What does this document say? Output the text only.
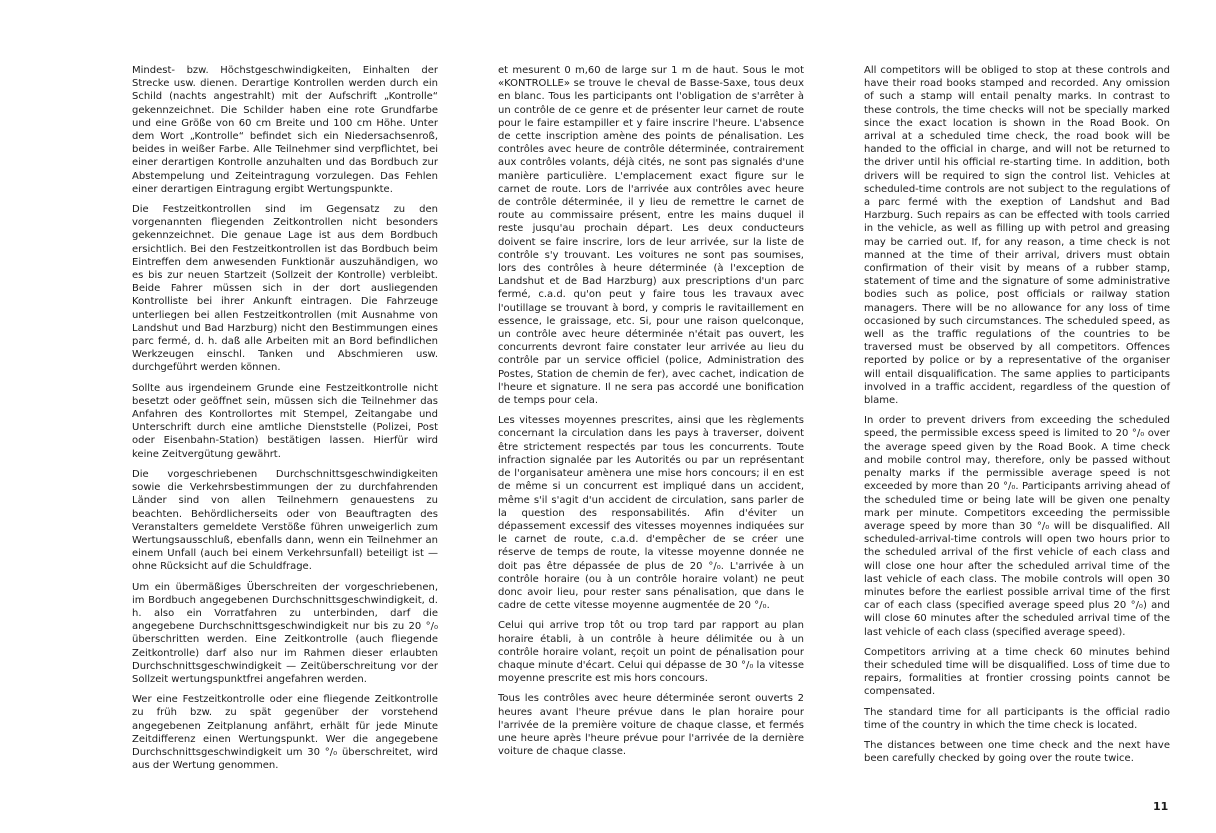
Mindest- bzw. Höchstgeschwindigkeiten, Einhalten der Strecke usw. dienen. Derartige Kontrollen werden durch ein Schild (nachts angestrahlt) mit der Aufschrift „Kontrolle“ gekennzeichnet. Die Schilder haben eine rote Grundfarbe und eine Größe von 60 cm Breite und 100 cm Höhe. Unter dem Wort „Kontrolle“ befindet sich ein Niedersachsenroß, beides in weißer Farbe. Alle Teilnehmer sind verpflichtet, bei einer derartigen Kontrolle anzuhalten und das Bordbuch zur Abstempelung und Zeiteintragung vorzulegen. Das Fehlen einer derartigen Eintragung ergibt Wertungspunkte.

Die Festzeitkontrollen sind im Gegensatz zu den vorgenannten fliegenden Zeitkontrollen nicht besonders gekennzeichnet. Die genaue Lage ist aus dem Bordbuch ersichtlich. Bei den Festzeitkontrollen ist das Bordbuch beim Eintreffen dem anwesenden Funktionär auszuhändigen, wo es bis zur neuen Startzeit (Sollzeit der Kontrolle) verbleibt. Beide Fahrer müssen sich in der dort ausliegenden Kontrolliste bei ihrer Ankunft eintragen. Die Fahrzeuge unterliegen bei allen Festzeitkontrollen (mit Ausnahme von Landshut und Bad Harzburg) nicht den Bestimmungen eines parc fermé, d. h. daß alle Arbeiten mit an Bord befindlichen Werkzeugen einschl. Tanken und Abschmieren usw. durchgeführt werden können.

Sollte aus irgendeinem Grunde eine Festzeitkontrolle nicht besetzt oder geöffnet sein, müssen sich die Teilnehmer das Anfahren des Kontrollortes mit Stempel, Zeitangabe und Unterschrift durch eine amtliche Dienststelle (Polizei, Post oder Eisenbahn-Station) bestätigen lassen. Hierfür wird keine Zeitvergütung gewährt.

Die vorgeschriebenen Durchschnittsgeschwindigkeiten sowie die Verkehrsbestimmungen der zu durchfahrenden Länder sind von allen Teilnehmern genauestens zu beachten. Behördlicherseits oder von Beauftragten des Veranstalters gemeldete Verstöße führen unweigerlich zum Wertungsausschluß, ebenfalls dann, wenn ein Teilnehmer an einem Unfall (auch bei einem Verkehrsunfall) beteiligt ist — ohne Rücksicht auf die Schuldfrage.

Um ein übermäßiges Überschreiten der vorgeschriebenen, im Bordbuch angegebenen Durchschnittsgeschwindigkeit, d. h. also ein Vorratfahren zu unterbinden, darf die angegebene Durchschnittsgeschwindigkeit nur bis zu 20 °/₀ überschritten werden. Eine Zeitkontrolle (auch fliegende Zeitkontrolle) darf also nur im Rahmen dieser erlaubten Durchschnittsgeschwindigkeit — Zeitüberschreitung vor der Sollzeit wertungspunktfrei angefahren werden.

Wer eine Festzeitkontrolle oder eine fliegende Zeitkontrolle zu früh bzw. zu spät gegenüber der vorstehend angegebenen Zeitplanung anfährt, erhält für jede Minute Zeitdifferenz einen Wertungspunkt. Wer die angegebene Durchschnittsgeschwindigkeit um 30 °/₀ überschreitet, wird aus der Wertung genommen.

et mesurent 0 m,60 de large sur 1 m de haut. Sous le mot «KONTROLLE» se trouve le cheval de Basse-Saxe, tous deux en blanc. Tous les participants ont l'obligation de s'arrêter à un contrôle de ce genre et de présenter leur carnet de route pour le faire estampiller et y faire inscrire l'heure. L'absence de cette inscription amène des points de pénalisation. Les contrôles avec heure de contrôle déterminée, contrairement aux contrôles volants, déjà cités, ne sont pas signalés d'une manière particulière. L'emplacement exact figure sur le carnet de route. Lors de l'arrivée aux contrôles avec heure de contrôle déterminée, il y lieu de remettre le carnet de route au commissaire présent, entre les mains duquel il reste jusqu'au prochain départ. Les deux conducteurs doivent se faire inscrire, lors de leur arrivée, sur la liste de contrôle s'y trouvant. Les voitures ne sont pas soumises, lors des contrôles à heure déterminée (à l'exception de Landshut et de Bad Harzburg) aux prescriptions d'un parc fermé, c.a.d. qu'on peut y faire tous les travaux avec l'outillage se trouvant à bord, y compris le ravitaillement en essence, le graissage, etc. Si, pour une raison quelconque, un contrôle avec heure déterminée n'était pas ouvert, les concurrents devront faire constater leur arrivée au lieu du contrôle par un service officiel (police, Administration des Postes, Station de chemin de fer), avec cachet, indication de l'heure et signature. Il ne sera pas accordé une bonification de temps pour cela.

Les vitesses moyennes prescrites, ainsi que les règlements concernant la circulation dans les pays à traverser, doivent être strictement respectés par tous les concurrents. Toute infraction signalée par les Autorités ou par un représentant de l'organisateur amènera une mise hors concours; il en est de même si un concurrent est impliqué dans un accident, même s'il s'agit d'un accident de circulation, sans parler de la question des responsabilités. Afin d'éviter un dépassement excessif des vitesses moyennes indiquées sur le carnet de route, c.a.d. d'empêcher de se créer une réserve de temps de route, la vitesse moyenne donnée ne doit pas être dépassée de plus de 20 °/₀. L'arrivée à un contrôle horaire (ou à un contrôle horaire volant) ne peut donc avoir lieu, pour rester sans pénalisation, que dans le cadre de cette vitesse moyenne augmentée de 20 °/₀.

Celui qui arrive trop tôt ou trop tard par rapport au plan horaire établi, à un contrôle à heure délimitée ou à un contrôle horaire volant, reçoit un point de pénalisation pour chaque minute d'écart. Celui qui dépasse de 30 °/₀ la vitesse moyenne prescrite est mis hors concours.

Tous les contrôles avec heure déterminée seront ouverts 2 heures avant l'heure prévue dans le plan horaire pour l'arrivée de la première voiture de chaque classe, et fermés une heure après l'heure prévue pour l'arrivée de la dernière voiture de chaque classe.

All competitors will be obliged to stop at these controls and have their road books stamped and recorded. Any omission of such a stamp will entail penalty marks. In contrast to these controls, the time checks will not be specially marked since the exact location is shown in the Road Book. On arrival at a scheduled time check, the road book will be handed to the official in charge, and will not be returned to the driver until his official re-starting time. In addition, both drivers will be required to sign the control list. Vehicles at scheduled-time controls are not subject to the regulations of a parc fermé with the exeption of Landshut and Bad Harzburg. Such repairs as can be effected with tools carried in the vehicle, as well as filling up with petrol and greasing may be carried out. If, for any reason, a time check is not manned at the time of their arrival, drivers must obtain confirmation of their visit by means of a rubber stamp, statement of time and the signature of some administrative bodies such as police, post officials or railway station managers. There will be no allowance for any loss of time occasioned by such circumstances. The scheduled speed, as well as the traffic regulations of the countries to be traversed must be observed by all competitors. Offences reported by police or by a representative of the organiser will entail disqualification. The same applies to participants involved in a traffic accident, regardless of the question of blame.

In order to prevent drivers from exceeding the scheduled speed, the permissible excess speed is limited to 20 °/₀ over the average speed given by the Road Book. A time check and mobile control may, therefore, only be passed without penalty marks if the permissible average speed is not exceeded by more than 20 °/₀. Participants arriving ahead of the scheduled time or being late will be given one penalty mark per minute. Competitors exceeding the permissible average speed by more than 30 °/₀ will be disqualified. All scheduled-arrival-time controls will open two hours prior to the scheduled arrival of the first vehicle of each class and will close one hour after the scheduled arrival time of the last vehicle of each class. The mobile controls will open 30 minutes before the earliest possible arrival time of the first car of each class (specified average speed plus 20 °/₀) and will close 60 minutes after the scheduled arrival time of the last vehicle of each class (specified average speed).

Competitors arriving at a time check 60 minutes behind their scheduled time will be disqualified. Loss of time due to repairs, formalities at frontier crossing points cannot be compensated.

The standard time for all participants is the official radio time of the country in which the time check is located.

The distances between one time check and the next have been carefully checked by going over the route twice.

11
